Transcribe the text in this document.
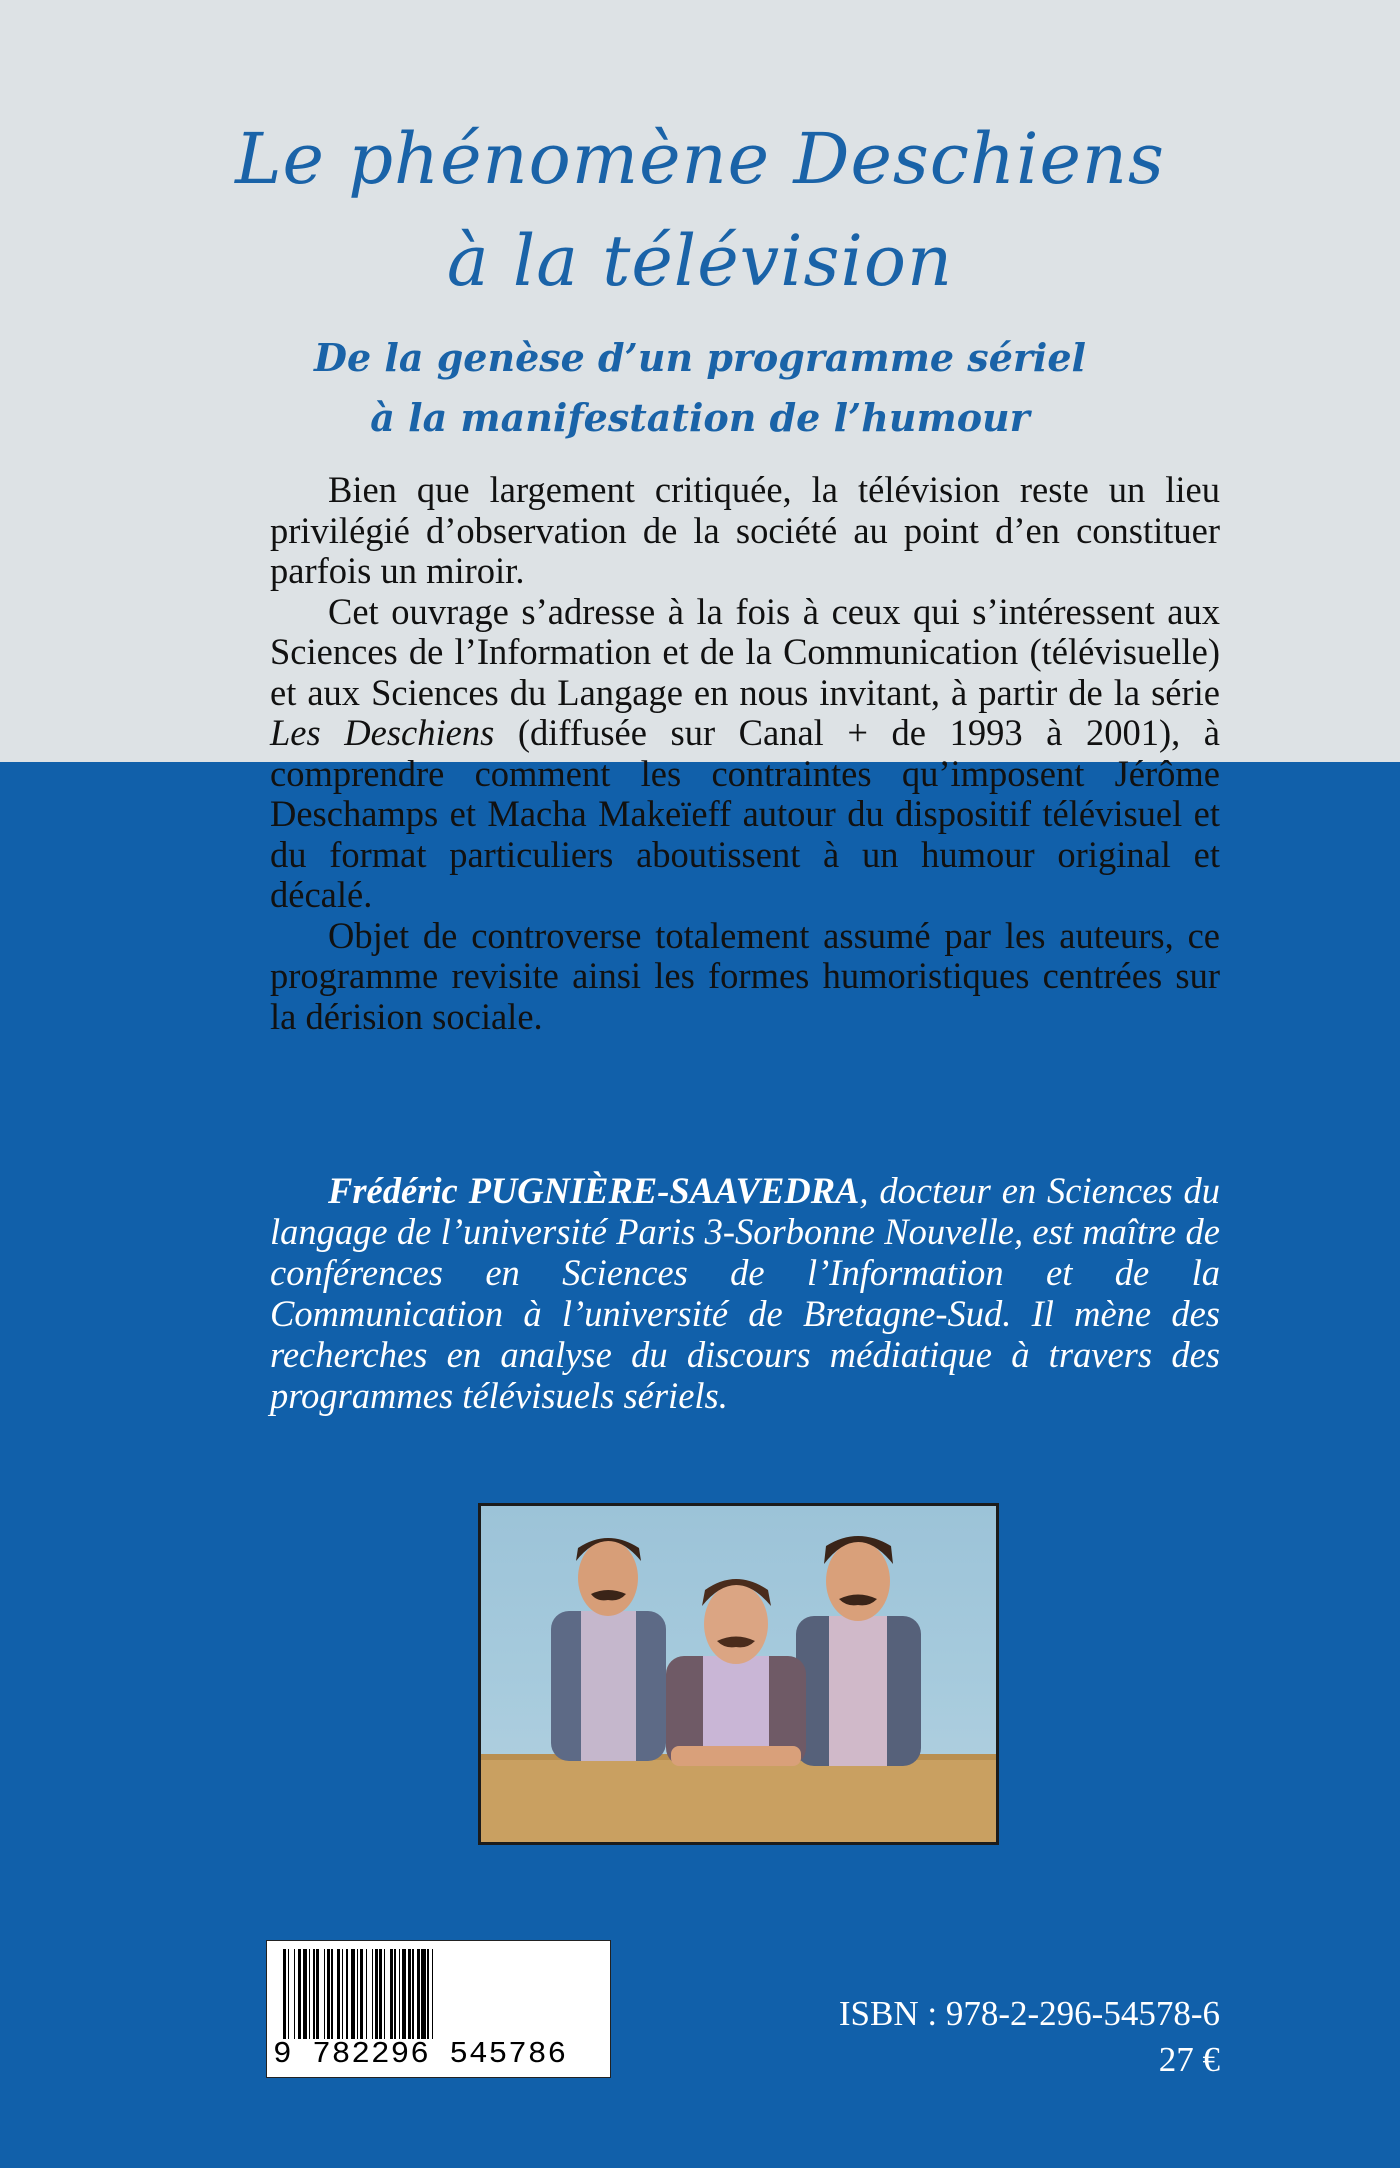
Le phénomène Deschiens
à la télévision
De la genèse d’un programme sériel
à la manifestation de l’humour

Bien que largement critiquée, la télévision reste un lieu privilégié d’observation de la société au point d’en constituer parfois un miroir.

Cet ouvrage s’adresse à la fois à ceux qui s’intéressent aux Sciences de l’Information et de la Communication (télévisuelle) et aux Sciences du Langage en nous invitant, à partir de la série Les Deschiens (diffusée sur Canal + de 1993 à 2001), à comprendre comment les contraintes qu’imposent Jérôme Deschamps et Macha Makeïeff autour du dispositif télévisuel et du format particuliers aboutissent à un humour original et décalé.

Objet de controverse totalement assumé par les auteurs, ce programme revisite ainsi les formes humoristiques centrées sur la dérision sociale.

Frédéric PUGNIÈRE-SAAVEDRA, docteur en Sciences du langage de l’université Paris 3-Sorbonne Nouvelle, est maître de conférences en Sciences de l’Information et de la Communication à l’université de Bretagne-Sud. Il mène des recherches en analyse du discours médiatique à travers des programmes télévisuels sériels.

9 782296 545786
ISBN : 978-2-296-54578-6
27 €
